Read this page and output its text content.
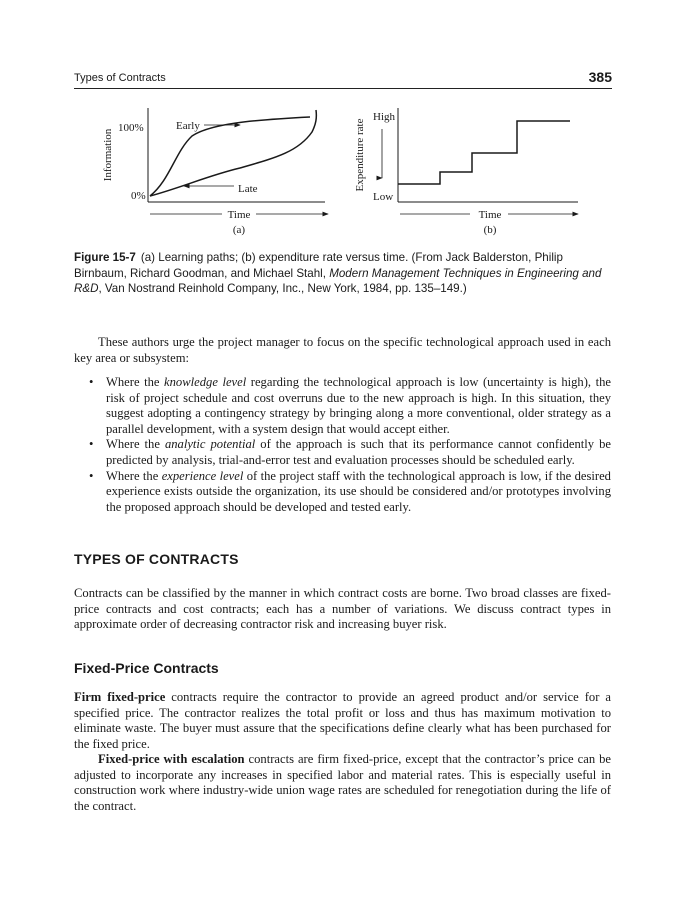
Types of Contracts	385
Information
100%
0%
Early
Late
Time
(a)
Expenditure rate
High
Low
Time
(b)
Figure 15-7 (a) Learning paths; (b) expenditure rate versus time. (From Jack Balderston, Philip Birnbaum, Richard Goodman, and Michael Stahl, Modern Management Techniques in Engineering and R&D, Van Nostrand Reinhold Company, Inc., New York, 1984, pp. 135–149.)

These authors urge the project manager to focus on the specific technological approach used in each key area or subsystem:

• Where the knowledge level regarding the technological approach is low (uncertainty is high), the risk of project schedule and cost overruns due to the new approach is high. In this situation, they suggest adopting a contingency strategy by bringing along a more conventional, older strategy as a parallel development, with a system design that would accept either.
• Where the analytic potential of the approach is such that its performance cannot confidently be predicted by analysis, trial-and-error test and evaluation processes should be scheduled early.
• Where the experience level of the project staff with the technological approach is low, if the desired experience exists outside the organization, its use should be considered and/or prototypes involving the proposed approach should be developed and tested early.
TYPES OF CONTRACTS

Contracts can be classified by the manner in which contract costs are borne. Two broad classes are fixed-price contracts and cost contracts; each has a number of variations. We discuss contract types in approximate order of decreasing contractor risk and increasing buyer risk.

Fixed-Price Contracts

Firm fixed-price contracts require the contractor to provide an agreed product and/or service for a specified price. The contractor realizes the total profit or loss and thus has maximum motivation to eliminate waste. The buyer must assure that the specifications define clearly what has been purchased for the fixed price.

Fixed-price with escalation contracts are firm fixed-price, except that the contractor’s price can be adjusted to incorporate any increases in specified labor and material rates. This is especially useful in construction work where industry-wide union wage rates are scheduled for renegotiation during the life of the contract.
